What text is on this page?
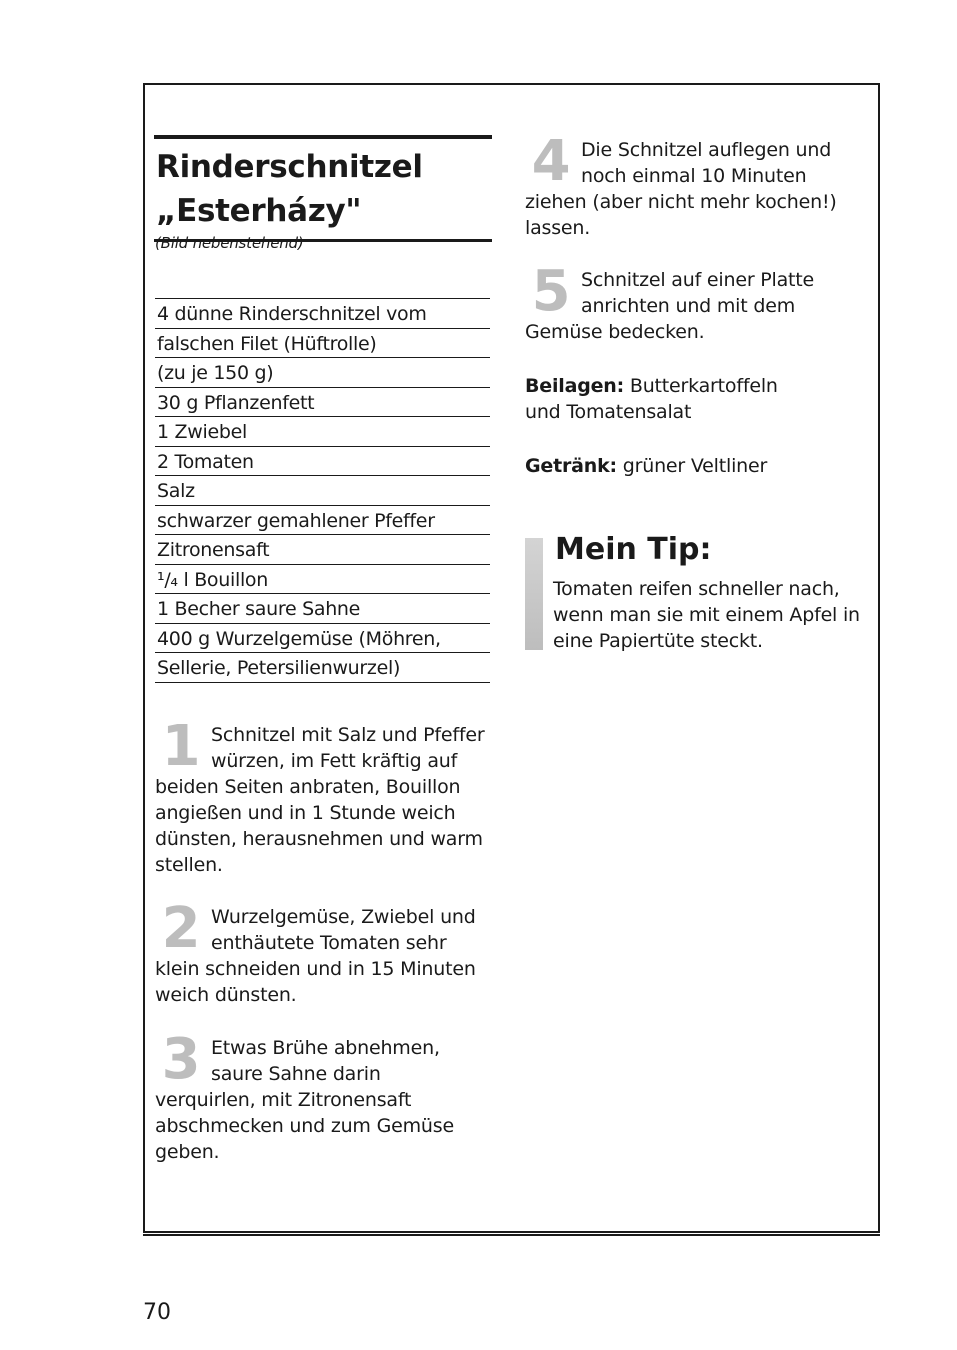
Rinderschnitzel
„Esterházy"
(Bild nebenstehend)
4 dünne Rinderschnitzel vom
falschen Filet (Hüftrolle)
(zu je 150 g)
30 g Pflanzenfett
1 Zwiebel
2 Tomaten
Salz
schwarzer gemahlener Pfeffer
Zitronensaft
¹/₄ l Bouillon
1 Becher saure Sahne
400 g Wurzelgemüse (Möhren,
Sellerie, Petersilienwurzel)
1 Schnitzel mit Salz und Pfeffer würzen, im Fett kräftig auf beiden Seiten anbraten, Bouillon angießen und in 1 Stunde weich dünsten, herausnehmen und warm stellen.
2 Wurzelgemüse, Zwiebel und enthäutete Tomaten sehr klein schneiden und in 15 Minuten weich dünsten.
3 Etwas Brühe abnehmen, saure Sahne darin verquirlen, mit Zitronensaft abschmecken und zum Gemüse geben.
4 Die Schnitzel auflegen und noch einmal 10 Minuten ziehen (aber nicht mehr kochen!) lassen.
5 Schnitzel auf einer Platte anrichten und mit dem Gemüse bedecken.
Beilagen: Butterkartoffeln und Tomatensalat
Getränk: grüner Veltliner
Mein Tip:
Tomaten reifen schneller nach, wenn man sie mit einem Apfel in eine Papiertüte steckt.
70
